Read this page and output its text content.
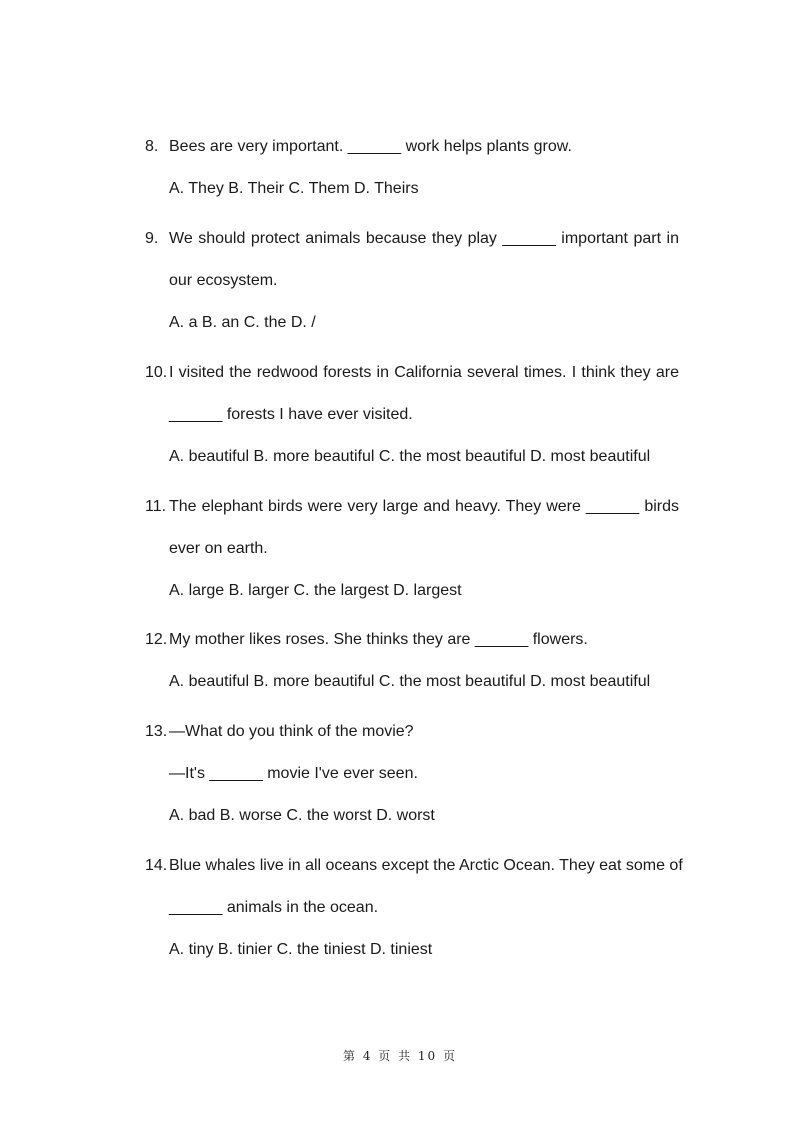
8. Bees are very important. ______ work helps plants grow.
A. They B. Their C. Them D. Theirs
9. We should protect animals because they play ______ important part in
our ecosystem.
A. a B. an C. the D. /
10. I visited the redwood forests in California several times. I think they are
______ forests I have ever visited.
A. beautiful B. more beautiful C. the most beautiful D. most beautiful
11. The elephant birds were very large and heavy. They were ______ birds
ever on earth.
A. large B. larger C. the largest D. largest
12. My mother likes roses. She thinks they are ______ flowers.
A. beautiful B. more beautiful C. the most beautiful D. most beautiful
13. —What do you think of the movie?
—It's ______ movie I've ever seen.
A. bad B. worse C. the worst D. worst
14. Blue whales live in all oceans except the Arctic Ocean. They eat some of
______ animals in the ocean.
A. tiny B. tinier C. the tiniest D. tiniest
第 4 页 共 10 页
